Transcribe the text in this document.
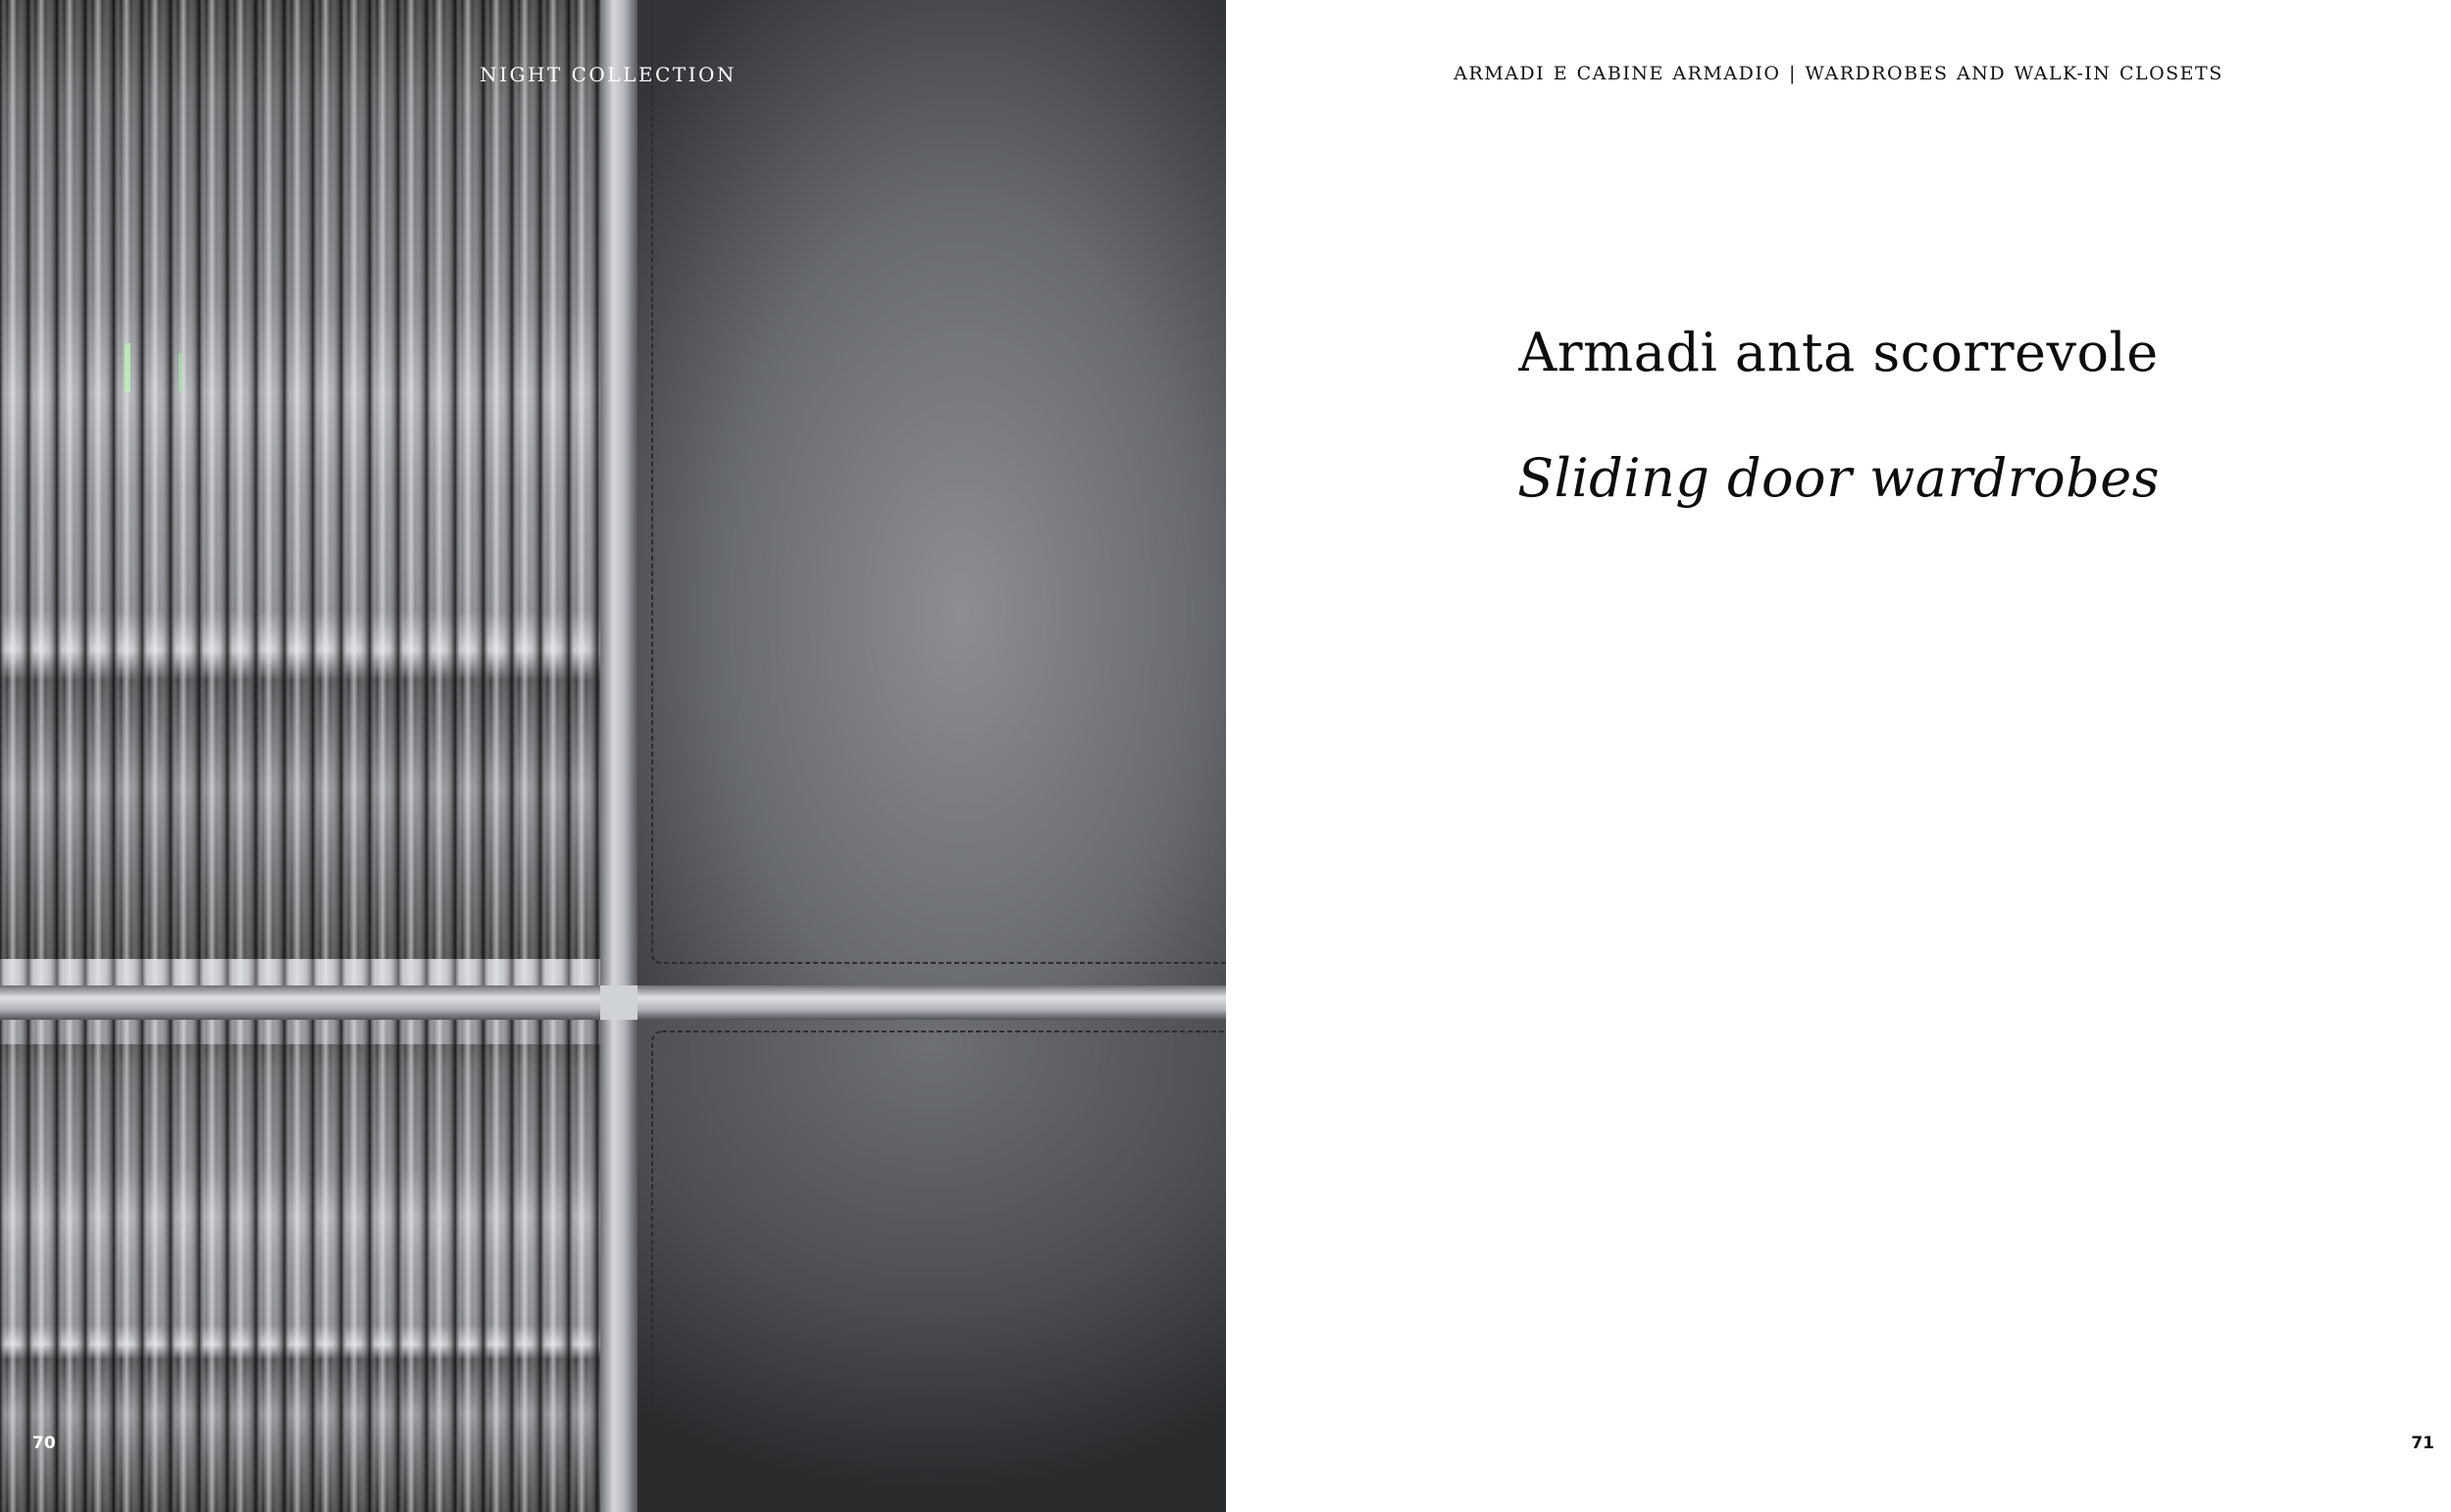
NIGHT COLLECTION
70
ARMADI E CABINE ARMADIO | WARDROBES AND WALK-IN CLOSETS
Armadi anta scorrevole
Sliding door wardrobes
71
